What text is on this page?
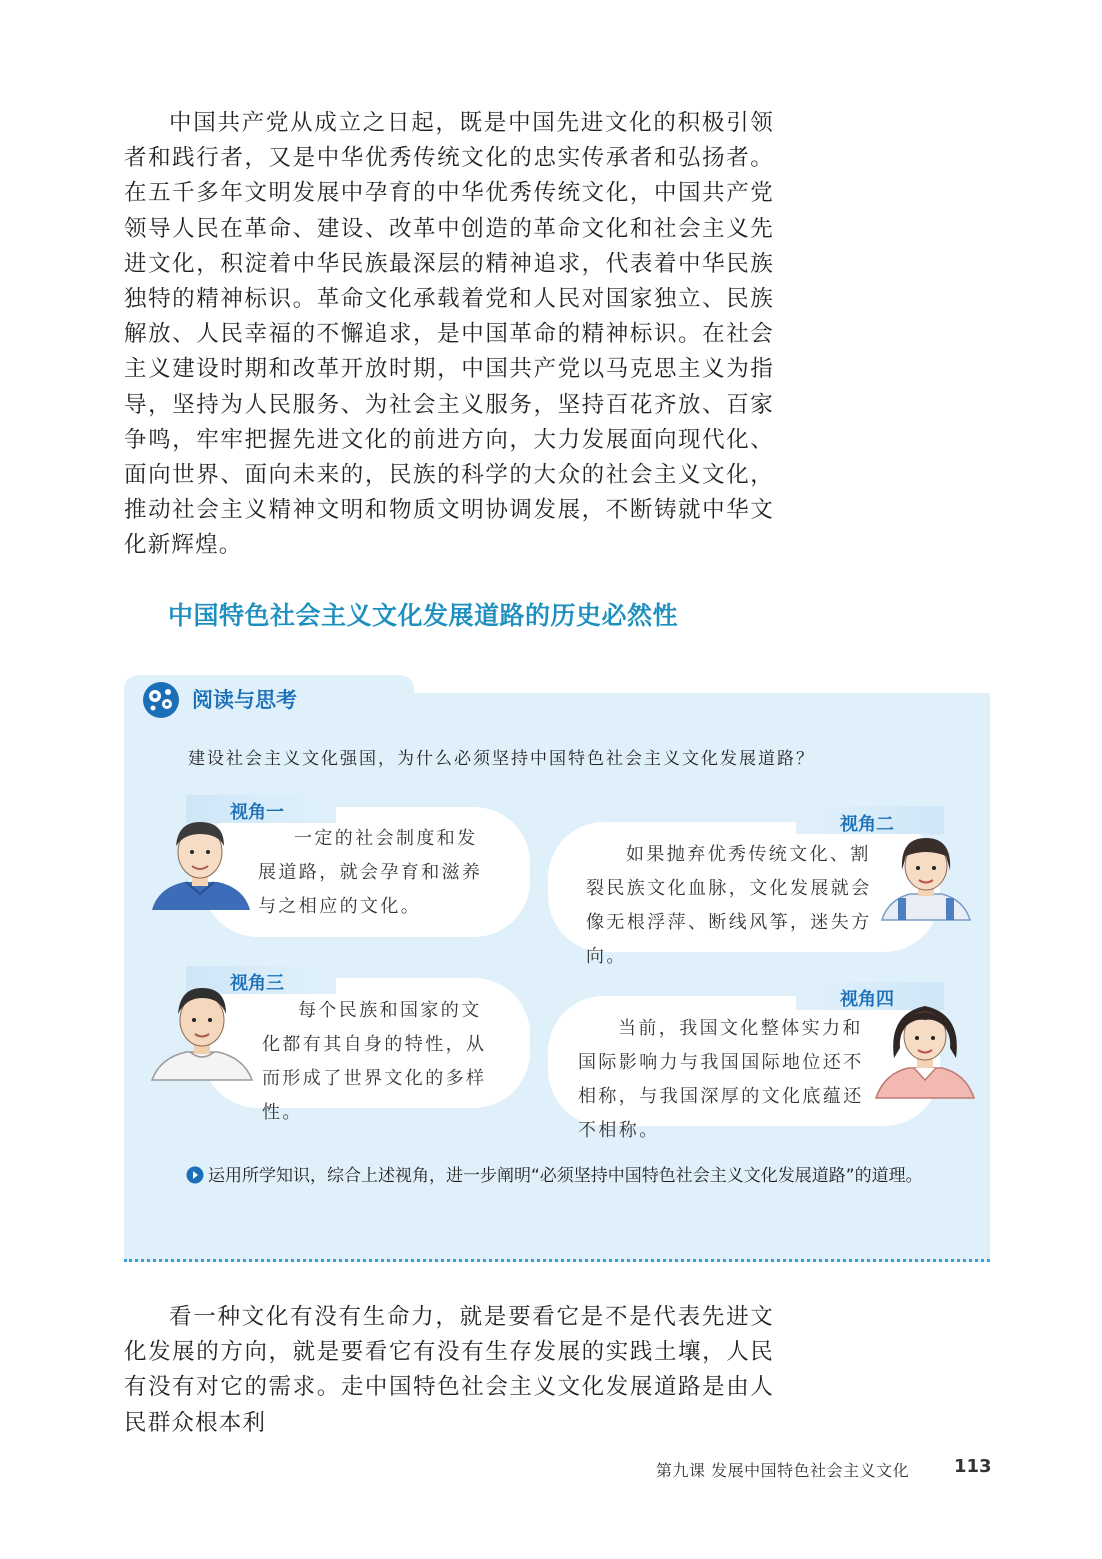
中国共产党从成立之日起，既是中国先进文化的积极引领者和践行者，又是中华优秀传统文化的忠实传承者和弘扬者。在五千多年文明发展中孕育的中华优秀传统文化，中国共产党领导人民在革命、建设、改革中创造的革命文化和社会主义先进文化，积淀着中华民族最深层的精神追求，代表着中华民族独特的精神标识。革命文化承载着党和人民对国家独立、民族解放、人民幸福的不懈追求，是中国革命的精神标识。在社会主义建设时期和改革开放时期，中国共产党以马克思主义为指导，坚持为人民服务、为社会主义服务，坚持百花齐放、百家争鸣，牢牢把握先进文化的前进方向，大力发展面向现代化、面向世界、面向未来的，民族的科学的大众的社会主义文化，推动社会主义精神文明和物质文明协调发展，不断铸就中华文化新辉煌。

中国特色社会主义文化发展道路的历史必然性
阅读与思考
建设社会主义文化强国，为什么必须坚持中国特色社会主义文化发展道路？
视角一
一定的社会制度和发展道路，就会孕育和滋养与之相应的文化。
视角二
如果抛弃优秀传统文化、割裂民族文化血脉，文化发展就会像无根浮萍、断线风筝，迷失方向。
视角三
每个民族和国家的文化都有其自身的特性，从而形成了世界文化的多样性。
视角四
当前，我国文化整体实力和国际影响力与我国国际地位还不相称，与我国深厚的文化底蕴还不相称。
运用所学知识，综合上述视角，进一步阐明“必须坚持中国特色社会主义文化发展道路”的道理。

看一种文化有没有生命力，就是要看它是不是代表先进文化发展的方向，就是要看它有没有生存发展的实践土壤，人民有没有对它的需求。走中国特色社会主义文化发展道路是由人民群众根本利

第九课 发展中国特色社会主义文化 113
